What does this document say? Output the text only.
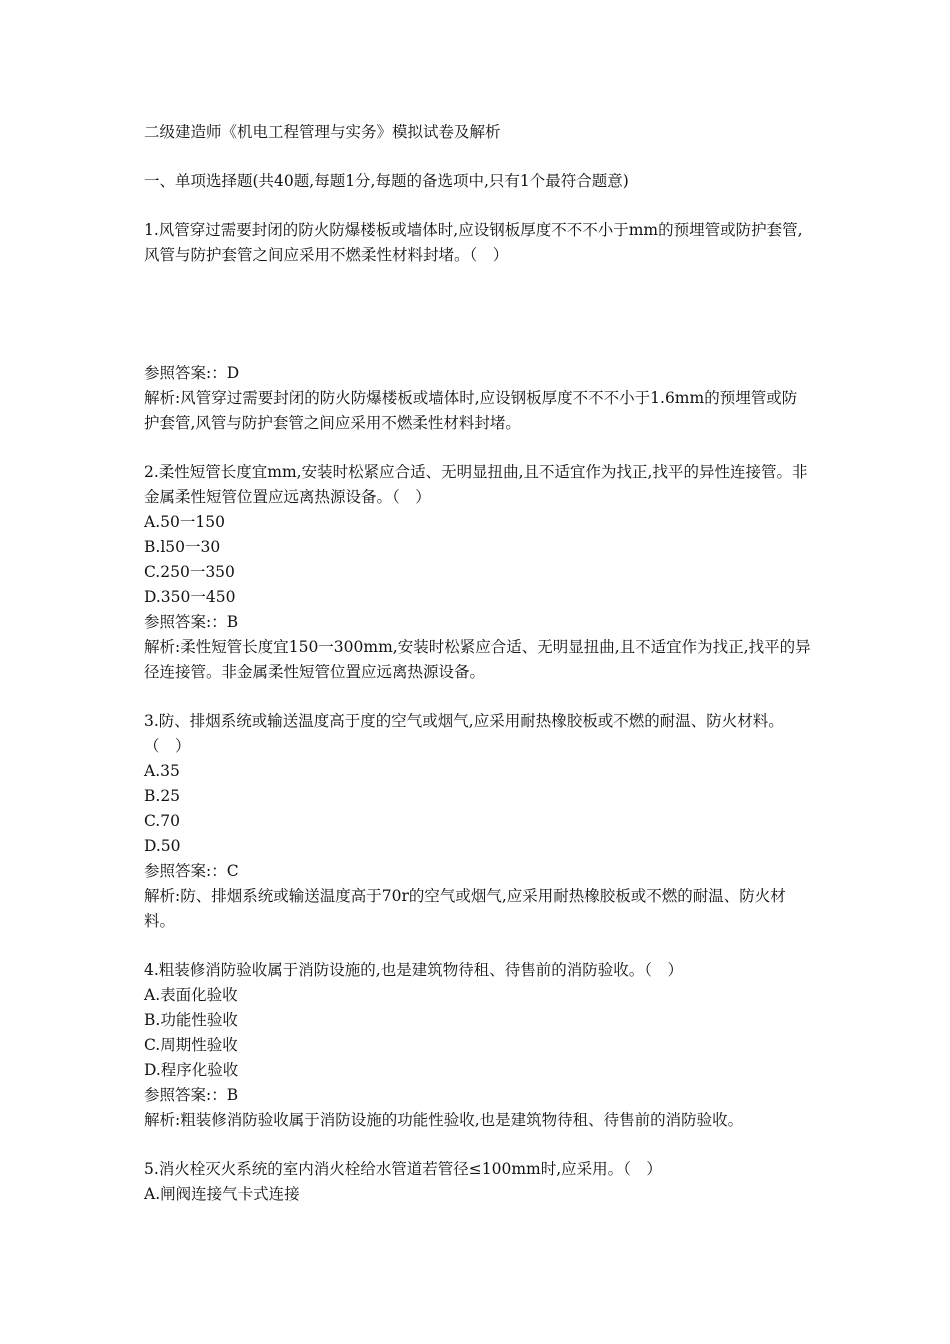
二级建造师《机电工程管理与实务》模拟试卷及解析

一、单项选择题(共40题,每题1分,每题的备选项中,只有1个最符合题意)

1.风管穿过需要封闭的防火防爆楼板或墙体时,应设钢板厚度不不不小于mm的预埋管或防护套管,风管与防护套管之间应采用不燃柔性材料封堵。（　）

参照答案:：D

解析:风管穿过需要封闭的防火防爆楼板或墙体时,应设钢板厚度不不不小于1.6mm的预埋管或防护套管,风管与防护套管之间应采用不燃柔性材料封堵。

2.柔性短管长度宜mm,安装时松紧应合适、无明显扭曲,且不适宜作为找正,找平的异性连接管。非金属柔性短管位置应远离热源设备。（　）

A.50一150

B.l50一30

C.250一350

D.350一450

参照答案:：B

解析:柔性短管长度宜150一300mm,安装时松紧应合适、无明显扭曲,且不适宜作为找正,找平的异径连接管。非金属柔性短管位置应远离热源设备。

3.防、排烟系统或输送温度高于度的空气或烟气,应采用耐热橡胶板或不燃的耐温、防火材料。（　）

A.35

B.25

C.70

D.50

参照答案:：C

解析:防、排烟系统或输送温度高于70r的空气或烟气,应采用耐热橡胶板或不燃的耐温、防火材料。

4.粗装修消防验收属于消防设施的,也是建筑物待租、待售前的消防验收。（　）

A.表面化验收

B.功能性验收

C.周期性验收

D.程序化验收

参照答案:：B

解析:粗装修消防验收属于消防设施的功能性验收,也是建筑物待租、待售前的消防验收。

5.消火栓灭火系统的室内消火栓给水管道若管径≤100mm时,应采用。（　）

A.闸阀连接气卡式连接
